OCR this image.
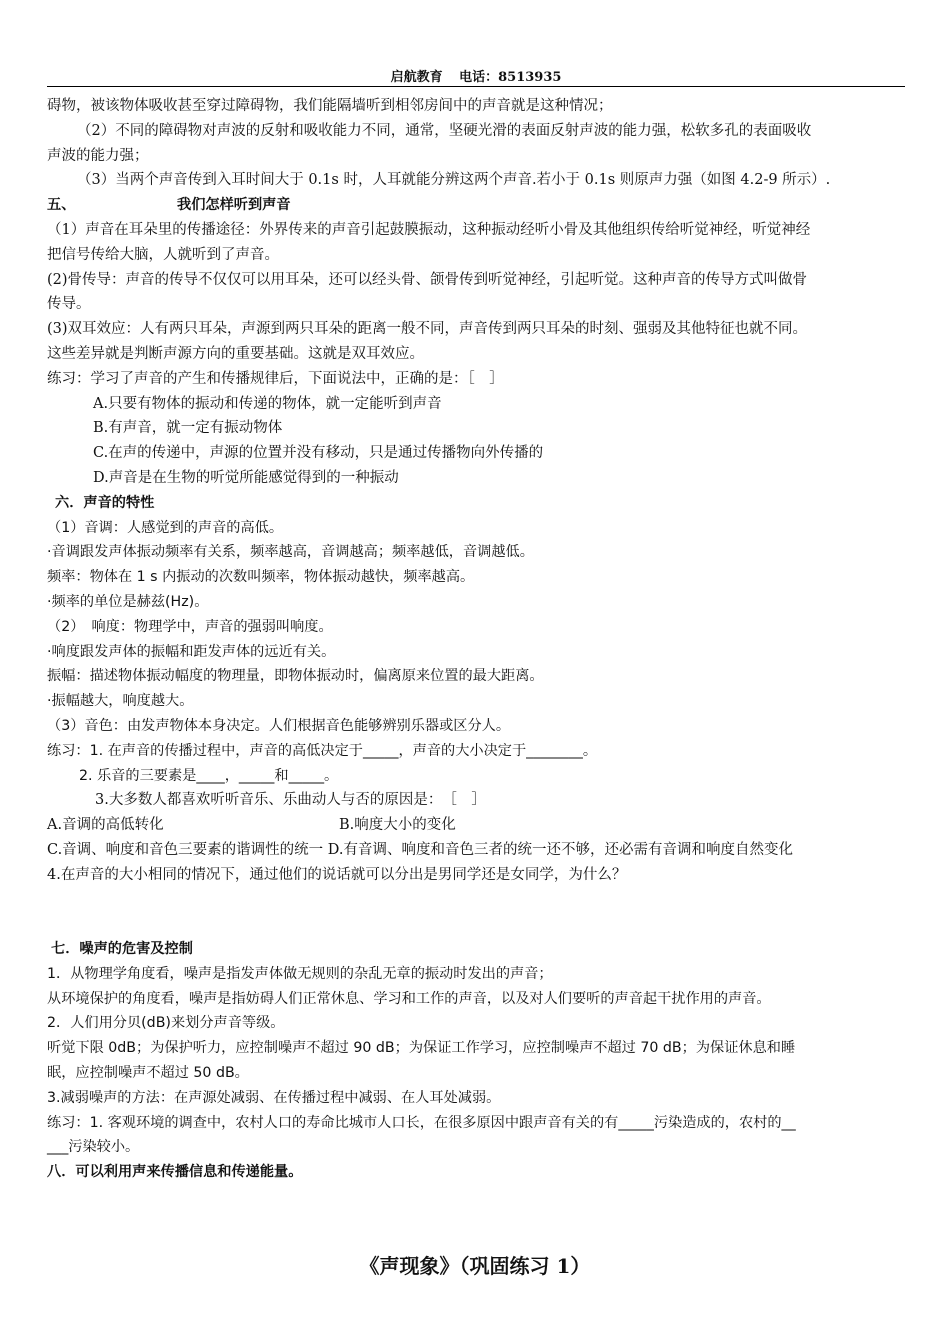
启航教育 电话：8513935
碍物，被该物体吸收甚至穿过障碍物，我们能隔墙听到相邻房间中的声音就是这种情况；
（2）不同的障碍物对声波的反射和吸收能力不同，通常，坚硬光滑的表面反射声波的能力强，松软多孔的表面吸收
声波的能力强；
（3）当两个声音传到入耳时间大于 0.1s 时，人耳就能分辨这两个声音.若小于 0.1s 则原声力强（如图 4.2-9 所示）.
五、	我们怎样听到声音
（1）声音在耳朵里的传播途径：外界传来的声音引起鼓膜振动，这种振动经听小骨及其他组织传给听觉神经，听觉神经
把信号传给大脑，人就听到了声音。
(2)骨传导：声音的传导不仅仅可以用耳朵，还可以经头骨、颌骨传到听觉神经，引起听觉。这种声音的传导方式叫做骨
传导。
(3)双耳效应：人有两只耳朵，声源到两只耳朵的距离一般不同，声音传到两只耳朵的时刻、强弱及其他特征也就不同。
这些差异就是判断声源方向的重要基础。这就是双耳效应。
练习：学习了声音的产生和传播规律后，下面说法中，正确的是：［　］
A.只要有物体的振动和传递的物体，就一定能听到声音
B.有声音，就一定有振动物体
C.在声的传递中，声源的位置并没有移动，只是通过传播物向外传播的
D.声音是在生物的听觉所能感觉得到的一种振动
六．声音的特性
（1）音调：人感觉到的声音的高低。
·音调跟发声体振动频率有关系，频率越高，音调越高；频率越低，音调越低。
频率：物体在 1 s 内振动的次数叫频率，物体振动越快，频率越高。
·频率的单位是赫兹(Hz)。
（2）　响度：物理学中，声音的强弱叫响度。
·响度跟发声体的振幅和距发声体的远近有关。
振幅：描述物体振动幅度的物理量，即物体振动时，偏离原来位置的最大距离。
·振幅越大，响度越大。
（3）音色：由发声物体本身决定。人们根据音色能够辨别乐器或区分人。
练习：1. 在声音的传播过程中，声音的高低决定于_____，声音的大小决定于________。
2. 乐音的三要素是____，_____和_____。
3.大多数人都喜欢听听音乐、乐曲动人与否的原因是：　［　］
A.音调的高低转化	B.响度大小的变化
C.音调、响度和音色三要素的谐调性的统一 D.有音调、响度和音色三者的统一还不够，还必需有音调和响度自然变化
4.在声音的大小相同的情况下，通过他们的说话就可以分出是男同学还是女同学，为什么？
七．噪声的危害及控制
1．从物理学角度看，噪声是指发声体做无规则的杂乱无章的振动时发出的声音；
从环境保护的角度看，噪声是指妨碍人们正常休息、学习和工作的声音，以及对人们要听的声音起干扰作用的声音。
2．人们用分贝(dB)来划分声音等级。
听觉下限 0dB；为保护听力，应控制噪声不超过 90 dB；为保证工作学习，应控制噪声不超过 70 dB；为保证休息和睡
眠，应控制噪声不超过 50 dB。
3.减弱噪声的方法：在声源处减弱、在传播过程中减弱、在人耳处减弱。
练习：1. 客观环境的调查中，农村人口的寿命比城市人口长，在很多原因中跟声音有关的有_____污染造成的，农村的__
___污染较小。
八．可以利用声来传播信息和传递能量。
《声现象》（巩固练习 1）
